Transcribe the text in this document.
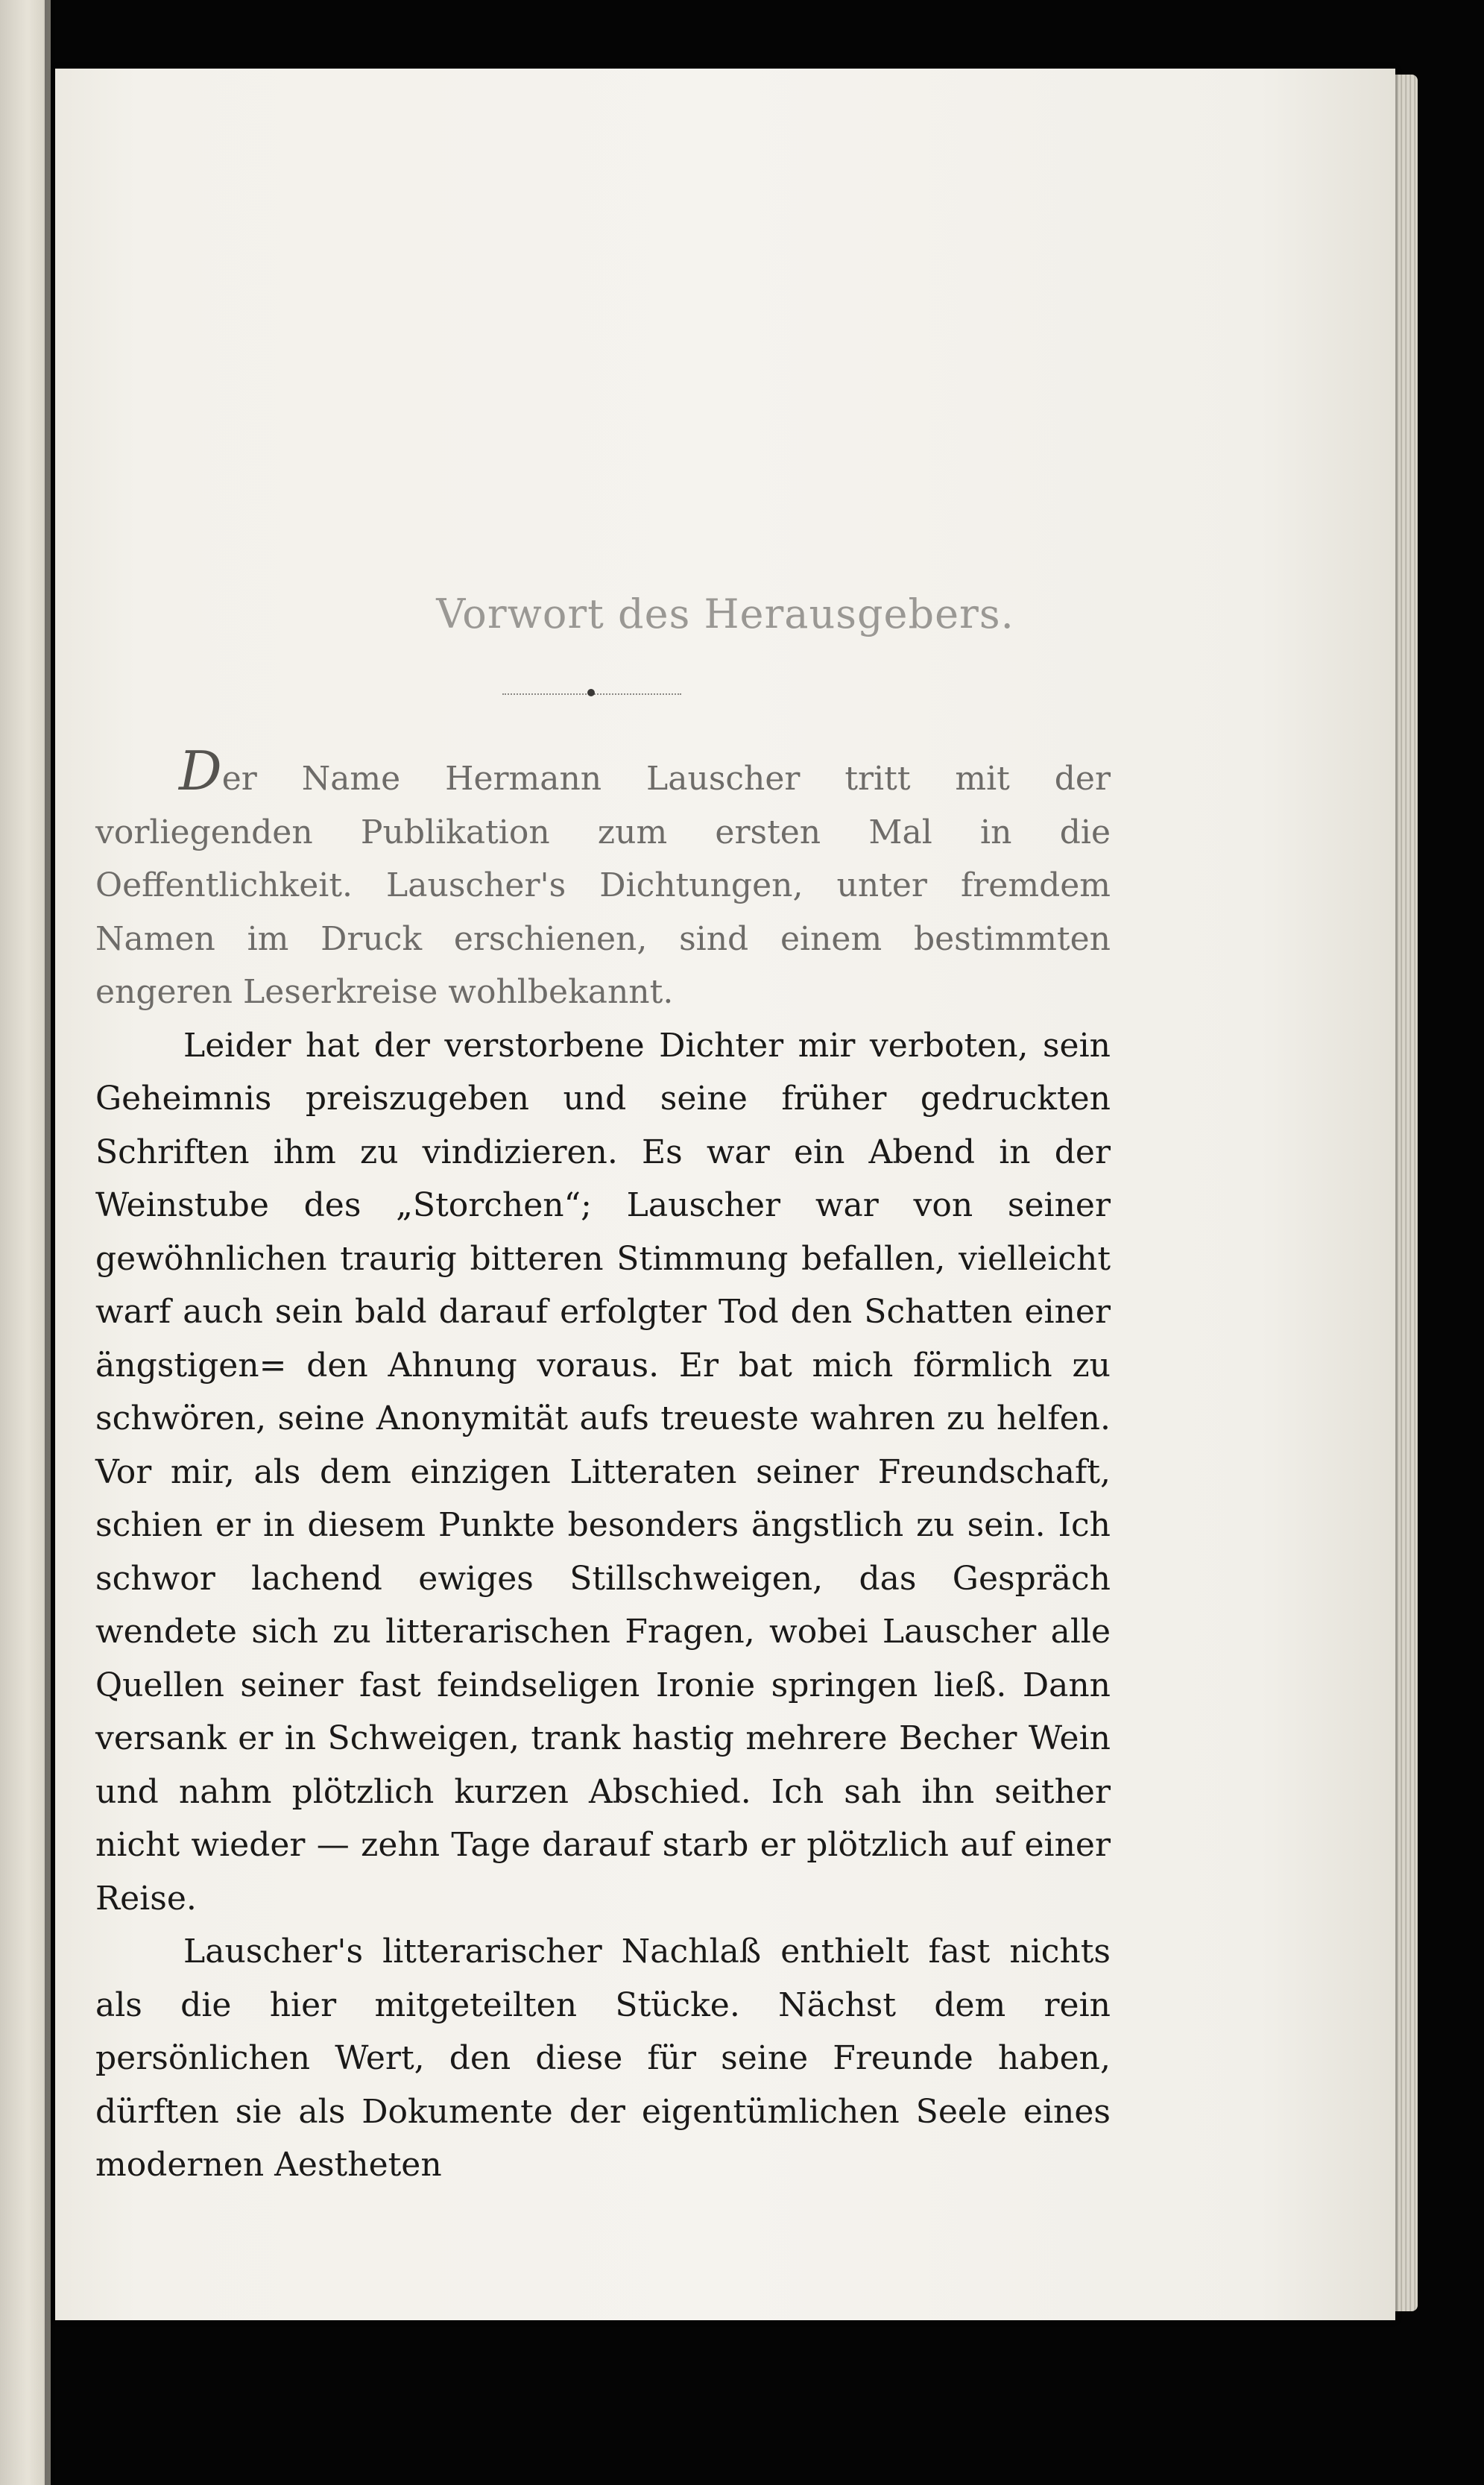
Vorwort des Herausgebers.

Der Name Hermann Lauscher tritt mit der vorliegenden Publikation zum ersten Mal in die Oeffentlichkeit. Lauscher's Dichtungen, unter fremdem Namen im Druck erschienen, sind einem bestimmten engeren Leserkreise wohlbekannt.

Leider hat der verstorbene Dichter mir verboten, sein Geheimnis preiszugeben und seine früher gedruckten Schriften ihm zu vindizieren. Es war ein Abend in der Weinstube des „Storchen“; Lauscher war von seiner gewöhnlichen traurig bitteren Stimmung befallen, vielleicht warf auch sein bald darauf erfolgter Tod den Schatten einer ängstigen= den Ahnung voraus. Er bat mich förmlich zu schwören, seine Anonymität aufs treueste wahren zu helfen. Vor mir, als dem einzigen Litteraten seiner Freundschaft, schien er in diesem Punkte besonders ängstlich zu sein. Ich schwor lachend ewiges Stillschweigen, das Gespräch wendete sich zu litterarischen Fragen, wobei Lauscher alle Quellen seiner fast feindseligen Ironie springen ließ. Dann versank er in Schweigen, trank hastig mehrere Becher Wein und nahm plötzlich kurzen Abschied. Ich sah ihn seither nicht wieder — zehn Tage darauf starb er plötzlich auf einer Reise.

Lauscher's litterarischer Nachlaß enthielt fast nichts als die hier mitgeteilten Stücke. Nächst dem rein persönlichen Wert, den diese für seine Freunde haben, dürften sie als Dokumente der eigentümlichen Seele eines modernen Aestheten
